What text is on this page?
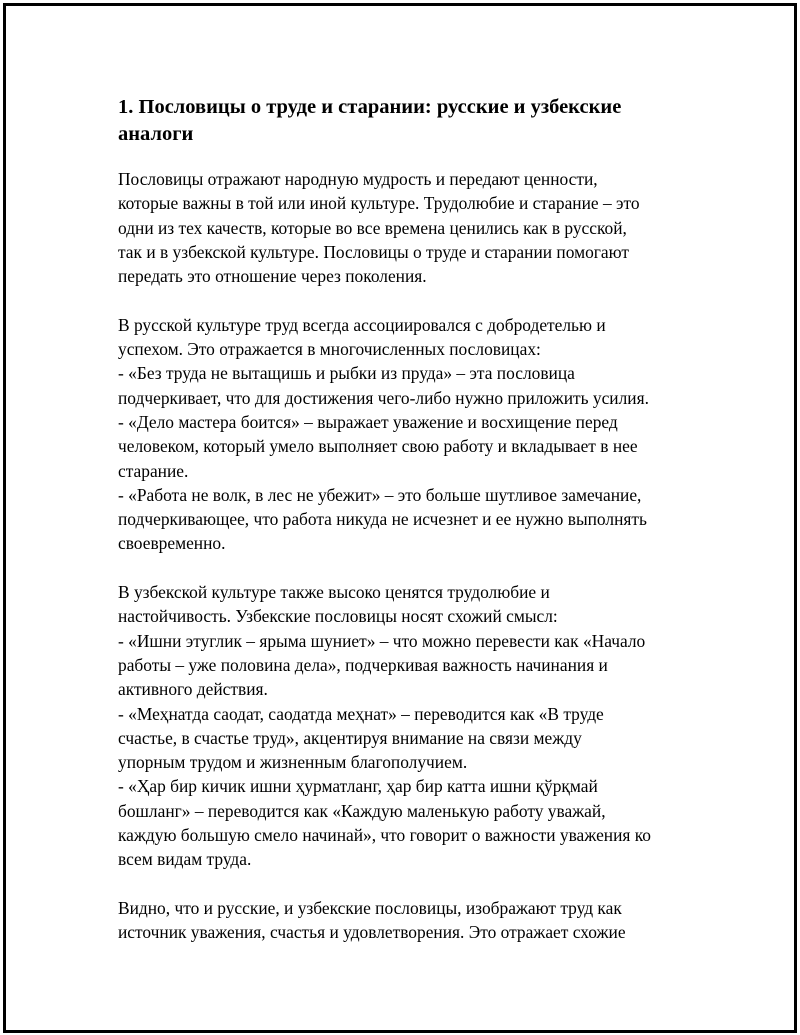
1. Пословицы о труде и старании: русские и узбекские
аналоги
Пословицы отражают народную мудрость и передают ценности,
которые важны в той или иной культуре. Трудолюбие и старание – это
одни из тех качеств, которые во все времена ценились как в русской,
так и в узбекской культуре. Пословицы о труде и старании помогают
передать это отношение через поколения.
В русской культуре труд всегда ассоциировался с добродетелью и
успехом. Это отражается в многочисленных пословицах:
- «Без труда не вытащишь и рыбки из пруда» – эта пословица
подчеркивает, что для достижения чего-либо нужно приложить усилия.
- «Дело мастера боится» – выражает уважение и восхищение перед
человеком, который умело выполняет свою работу и вкладывает в нее
старание.
- «Работа не волк, в лес не убежит» – это больше шутливое замечание,
подчеркивающее, что работа никуда не исчезнет и ее нужно выполнять
своевременно.
В узбекской культуре также высоко ценятся трудолюбие и
настойчивость. Узбекские пословицы носят схожий смысл:
- «Ишни этуглик – ярыма шуниет» – что можно перевести как «Начало
работы – уже половина дела», подчеркивая важность начинания и
активного действия.
- «Меҳнатда саодат, саодатда меҳнат» – переводится как «В труде
счастье, в счастье труд», акцентируя внимание на связи между
упорным трудом и жизненным благополучием.
- «Ҳар бир кичик ишни ҳурматланг, ҳар бир катта ишни қўрқмай
бошланг» – переводится как «Каждую маленькую работу уважай,
каждую большую смело начинай», что говорит о важности уважения ко
всем видам труда.
Видно, что и русские, и узбекские пословицы, изображают труд как
источник уважения, счастья и удовлетворения. Это отражает схожие
